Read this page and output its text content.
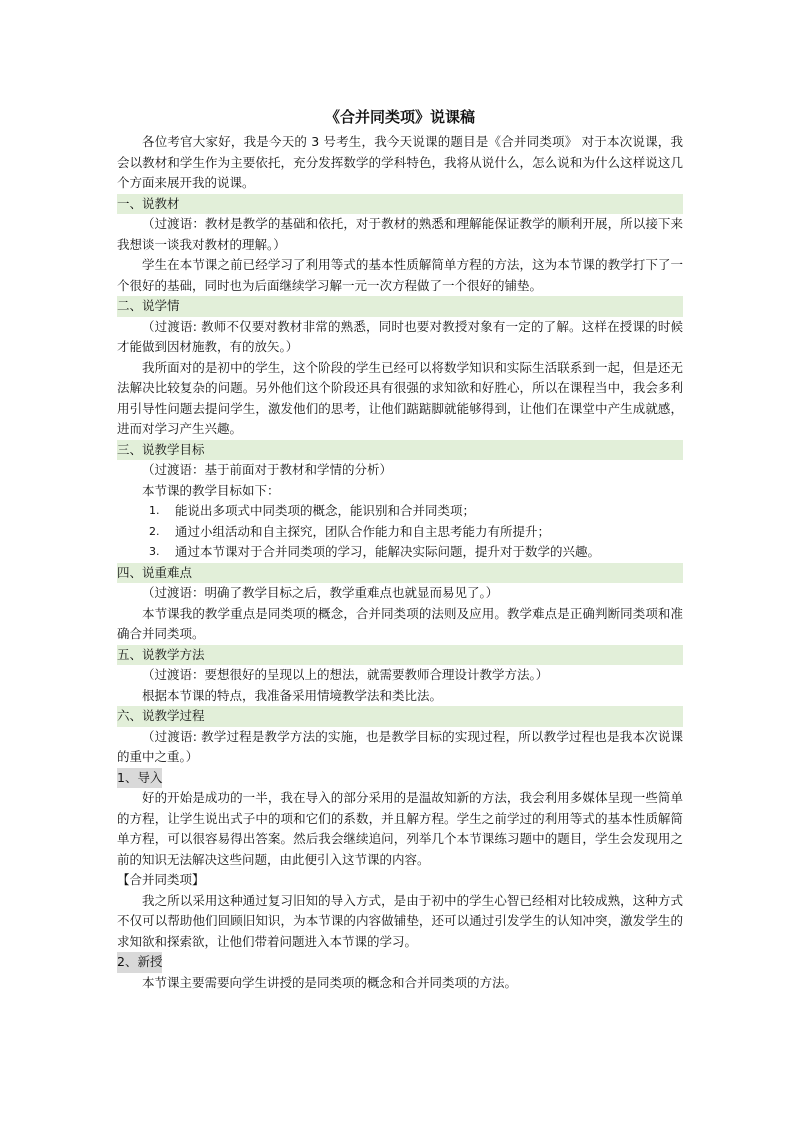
《合并同类项》说课稿

各位考官大家好，我是今天的 3 号考生，我今天说课的题目是《合并同类项》 对于本次说课，我会以教材和学生作为主要依托，充分发挥数学的学科特色，我将从说什么，怎么说和为什么这样说这几个方面来展开我的说课。

一、说教材

（过渡语：教材是教学的基础和依托，对于教材的熟悉和理解能保证教学的顺利开展，所以接下来我想谈一谈我对教材的理解。）

学生在本节课之前已经学习了利用等式的基本性质解简单方程的方法，这为本节课的教学打下了一个很好的基础，同时也为后面继续学习解一元一次方程做了一个很好的铺垫。

二、说学情

（过渡语: 教师不仅要对教材非常的熟悉，同时也要对教授对象有一定的了解。这样在授课的时候才能做到因材施教，有的放矢。）

我所面对的是初中的学生，这个阶段的学生已经可以将数学知识和实际生活联系到一起，但是还无法解决比较复杂的问题。另外他们这个阶段还具有很强的求知欲和好胜心，所以在课程当中，我会多利用引导性问题去提问学生，激发他们的思考，让他们踮踮脚就能够得到，让他们在课堂中产生成就感，进而对学习产生兴趣。

三、说教学目标

（过渡语：基于前面对于教材和学情的分析）

本节课的教学目标如下：

1. 能说出多项式中同类项的概念，能识别和合并同类项；
2. 通过小组活动和自主探究，团队合作能力和自主思考能力有所提升；
3. 通过本节课对于合并同类项的学习，能解决实际问题，提升对于数学的兴趣。

四、说重难点

（过渡语：明确了教学目标之后，教学重难点也就显而易见了。）

本节课我的教学重点是同类项的概念，合并同类项的法则及应用。教学难点是正确判断同类项和准确合并同类项。

五、说教学方法

（过渡语：要想很好的呈现以上的想法，就需要教师合理设计教学方法。）

根据本节课的特点，我准备采用情境教学法和类比法。

六、说教学过程

（过渡语: 教学过程是教学方法的实施，也是教学目标的实现过程，所以教学过程也是我本次说课的重中之重。）

1、导入

好的开始是成功的一半，我在导入的部分采用的是温故知新的方法，我会利用多媒体呈现一些简单的方程，让学生说出式子中的项和它们的系数，并且解方程。学生之前学过的利用等式的基本性质解简单方程，可以很容易得出答案。然后我会继续追问，列举几个本节课练习题中的题目，学生会发现用之前的知识无法解决这些问题，由此便引入这节课的内容。

【合并同类项】

我之所以采用这种通过复习旧知的导入方式，是由于初中的学生心智已经相对比较成熟，这种方式不仅可以帮助他们回顾旧知识，为本节课的内容做铺垫，还可以通过引发学生的认知冲突，激发学生的求知欲和探索欲，让他们带着问题进入本节课的学习。

2、新授

本节课主要需要向学生讲授的是同类项的概念和合并同类项的方法。
